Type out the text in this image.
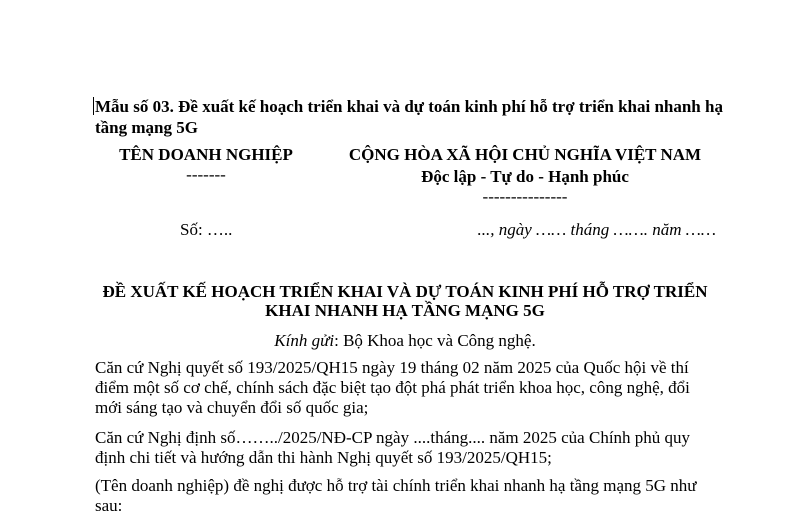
Mẫu số 03. Đề xuất kế hoạch triển khai và dự toán kinh phí hỗ trợ triển khai nhanh hạ tầng mạng 5G
TÊN DOANH NGHIỆP
-------
CỘNG HÒA XÃ HỘI CHỦ NGHĨA VIỆT NAM
Độc lập - Tự do - Hạnh phúc
---------------
Số: …..	..., ngày …… tháng ……. năm ……
ĐỀ XUẤT KẾ HOẠCH TRIỂN KHAI VÀ DỰ TOÁN KINH PHÍ HỖ TRỢ TRIỂN
KHAI NHANH HẠ TẦNG MẠNG 5G
Kính gửi: Bộ Khoa học và Công nghệ.
Căn cứ Nghị quyết số 193/2025/QH15 ngày 19 tháng 02 năm 2025 của Quốc hội về thí điểm một số cơ chế, chính sách đặc biệt tạo đột phá phát triển khoa học, công nghệ, đổi mới sáng tạo và chuyển đổi số quốc gia;
Căn cứ Nghị định số……../2025/NĐ-CP ngày ....tháng.... năm 2025 của Chính phủ quy định chi tiết và hướng dẫn thi hành Nghị quyết số 193/2025/QH15;
(Tên doanh nghiệp) đề nghị được hỗ trợ tài chính triển khai nhanh hạ tầng mạng 5G như sau:
